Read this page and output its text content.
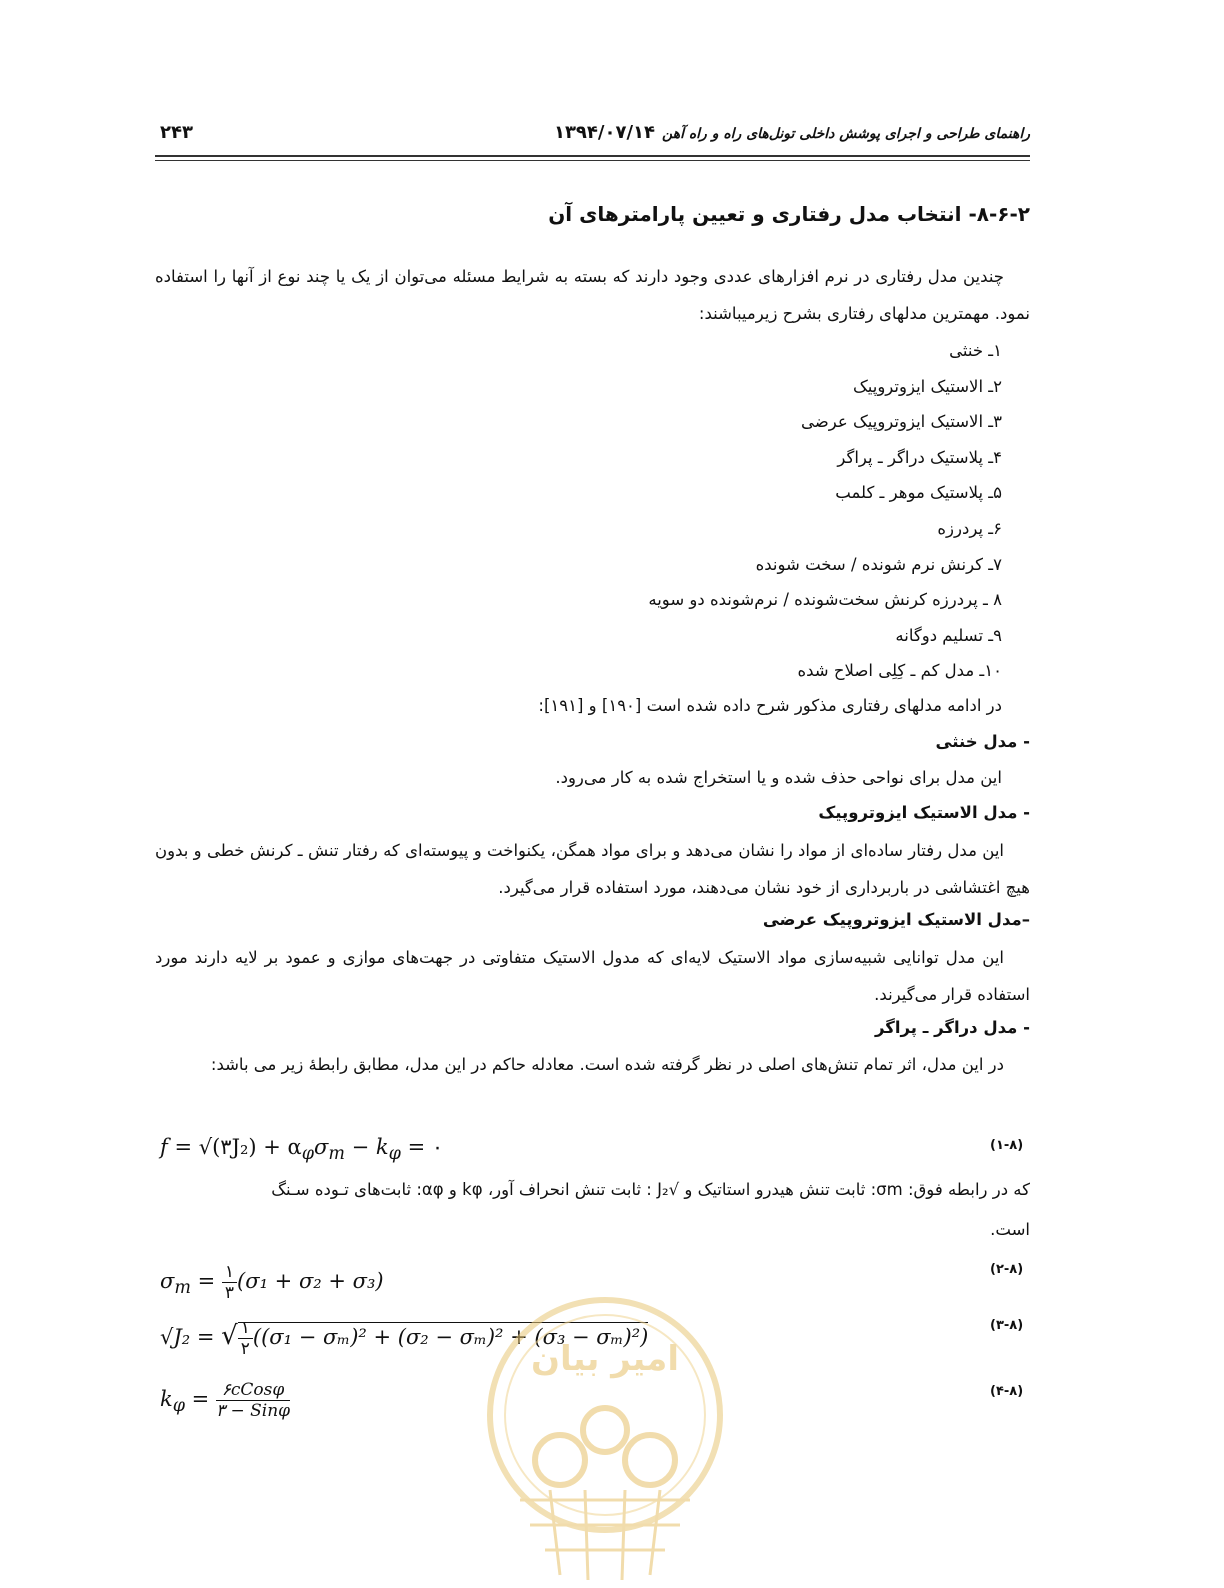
راهنمای طراحی و اجرای پوشش داخلی تونل‌های راه و راه آهن
۱۳۹۴/۰۷/۱۴
۲۴۳
۸-۶-۲- انتخاب مدل رفتاری و تعیین پارامترهای آن

چندین مدل رفتاری در نرم افزارهای عددی وجود دارند که بسته به شرایط مسئله می‌توان از یک یا چند نوع از آنها را استفاده نمود. مهمترین مدلهای رفتاری بشرح زیرمیباشند:

۱ـ خنثی
۲ـ الاستیک ایزوتروپیک
۳ـ الاستیک ایزوتروپیک عرضی
۴ـ پلاستیک دراگر ـ پراگر
۵ـ پلاستیک موهر ـ کلمب
۶ـ پردرزه
۷ـ کرنش نرم شونده / سخت شونده
۸ ـ پردرزه کرنش سخت‌شونده / نرم‌شونده دو سویه
۹ـ تسلیم دوگانه
۱۰ـ مدل کم ـ کِلِی اصلاح شده
در ادامه مدلهای رفتاری مذکور شرح داده شده است [۱۹۰] و [۱۹۱]:
- مدل خنثی
این مدل برای نواحی حذف شده و یا استخراج شده به کار می‌رود.
- مدل الاستیک ایزوتروپیک

این مدل رفتار ساده‌ای از مواد را نشان می‌دهد و برای مواد همگن، یکنواخت و پیوسته‌ای که رفتار تنش ـ کرنش خطی و بدون هیچ اغتشاشی در باربرداری از خود نشان می‌دهند، مورد استفاده قرار می‌گیرد.

–مدل الاستیک ایزوتروپیک عرضی

این مدل توانایی شبیه‌سازی مواد الاستیک لایه‌ای که مدول الاستیک متفاوتی در جهت‌های موازی و عمود بر لایه دارند مورد استفاده قرار می‌گیرند.

- مدل دراگر ـ پراگر

در این مدل، اثر تمام تنش‌های اصلی در نظر گرفته شده است. معادله حاکم در این مدل، مطابق رابطۀ زیر می باشد:

f = √(۳J₂) + $\alpha_\varphi\sigma_m - k_\varphi$ = ۰	(۱-۸)
که در رابطه فوق: σm: ثابت تنش هیدرو استاتیک و √J₂ : ثابت تنش انحراف آور، kφ و αφ: ثابت‌های تـوده سـنگ
است.
$\sigma_m = \frac{۱}{۳} (\sigma_1 + \sigma_2 + \sigma_3)$	(۲-۸)
√J₂ = √ $\frac{۱}{۲} ((\sigma_1 - \sigma_m)^2 + (\sigma_2 - \sigma_m)^2 + (\sigma_3 - \sigma_m)^2)$	(۳-۸)
$k_\varphi = \frac{\text{۶cCosφ}}{\text{۳ − Sinφ}}$	(۴-۸)
امیر بیان
